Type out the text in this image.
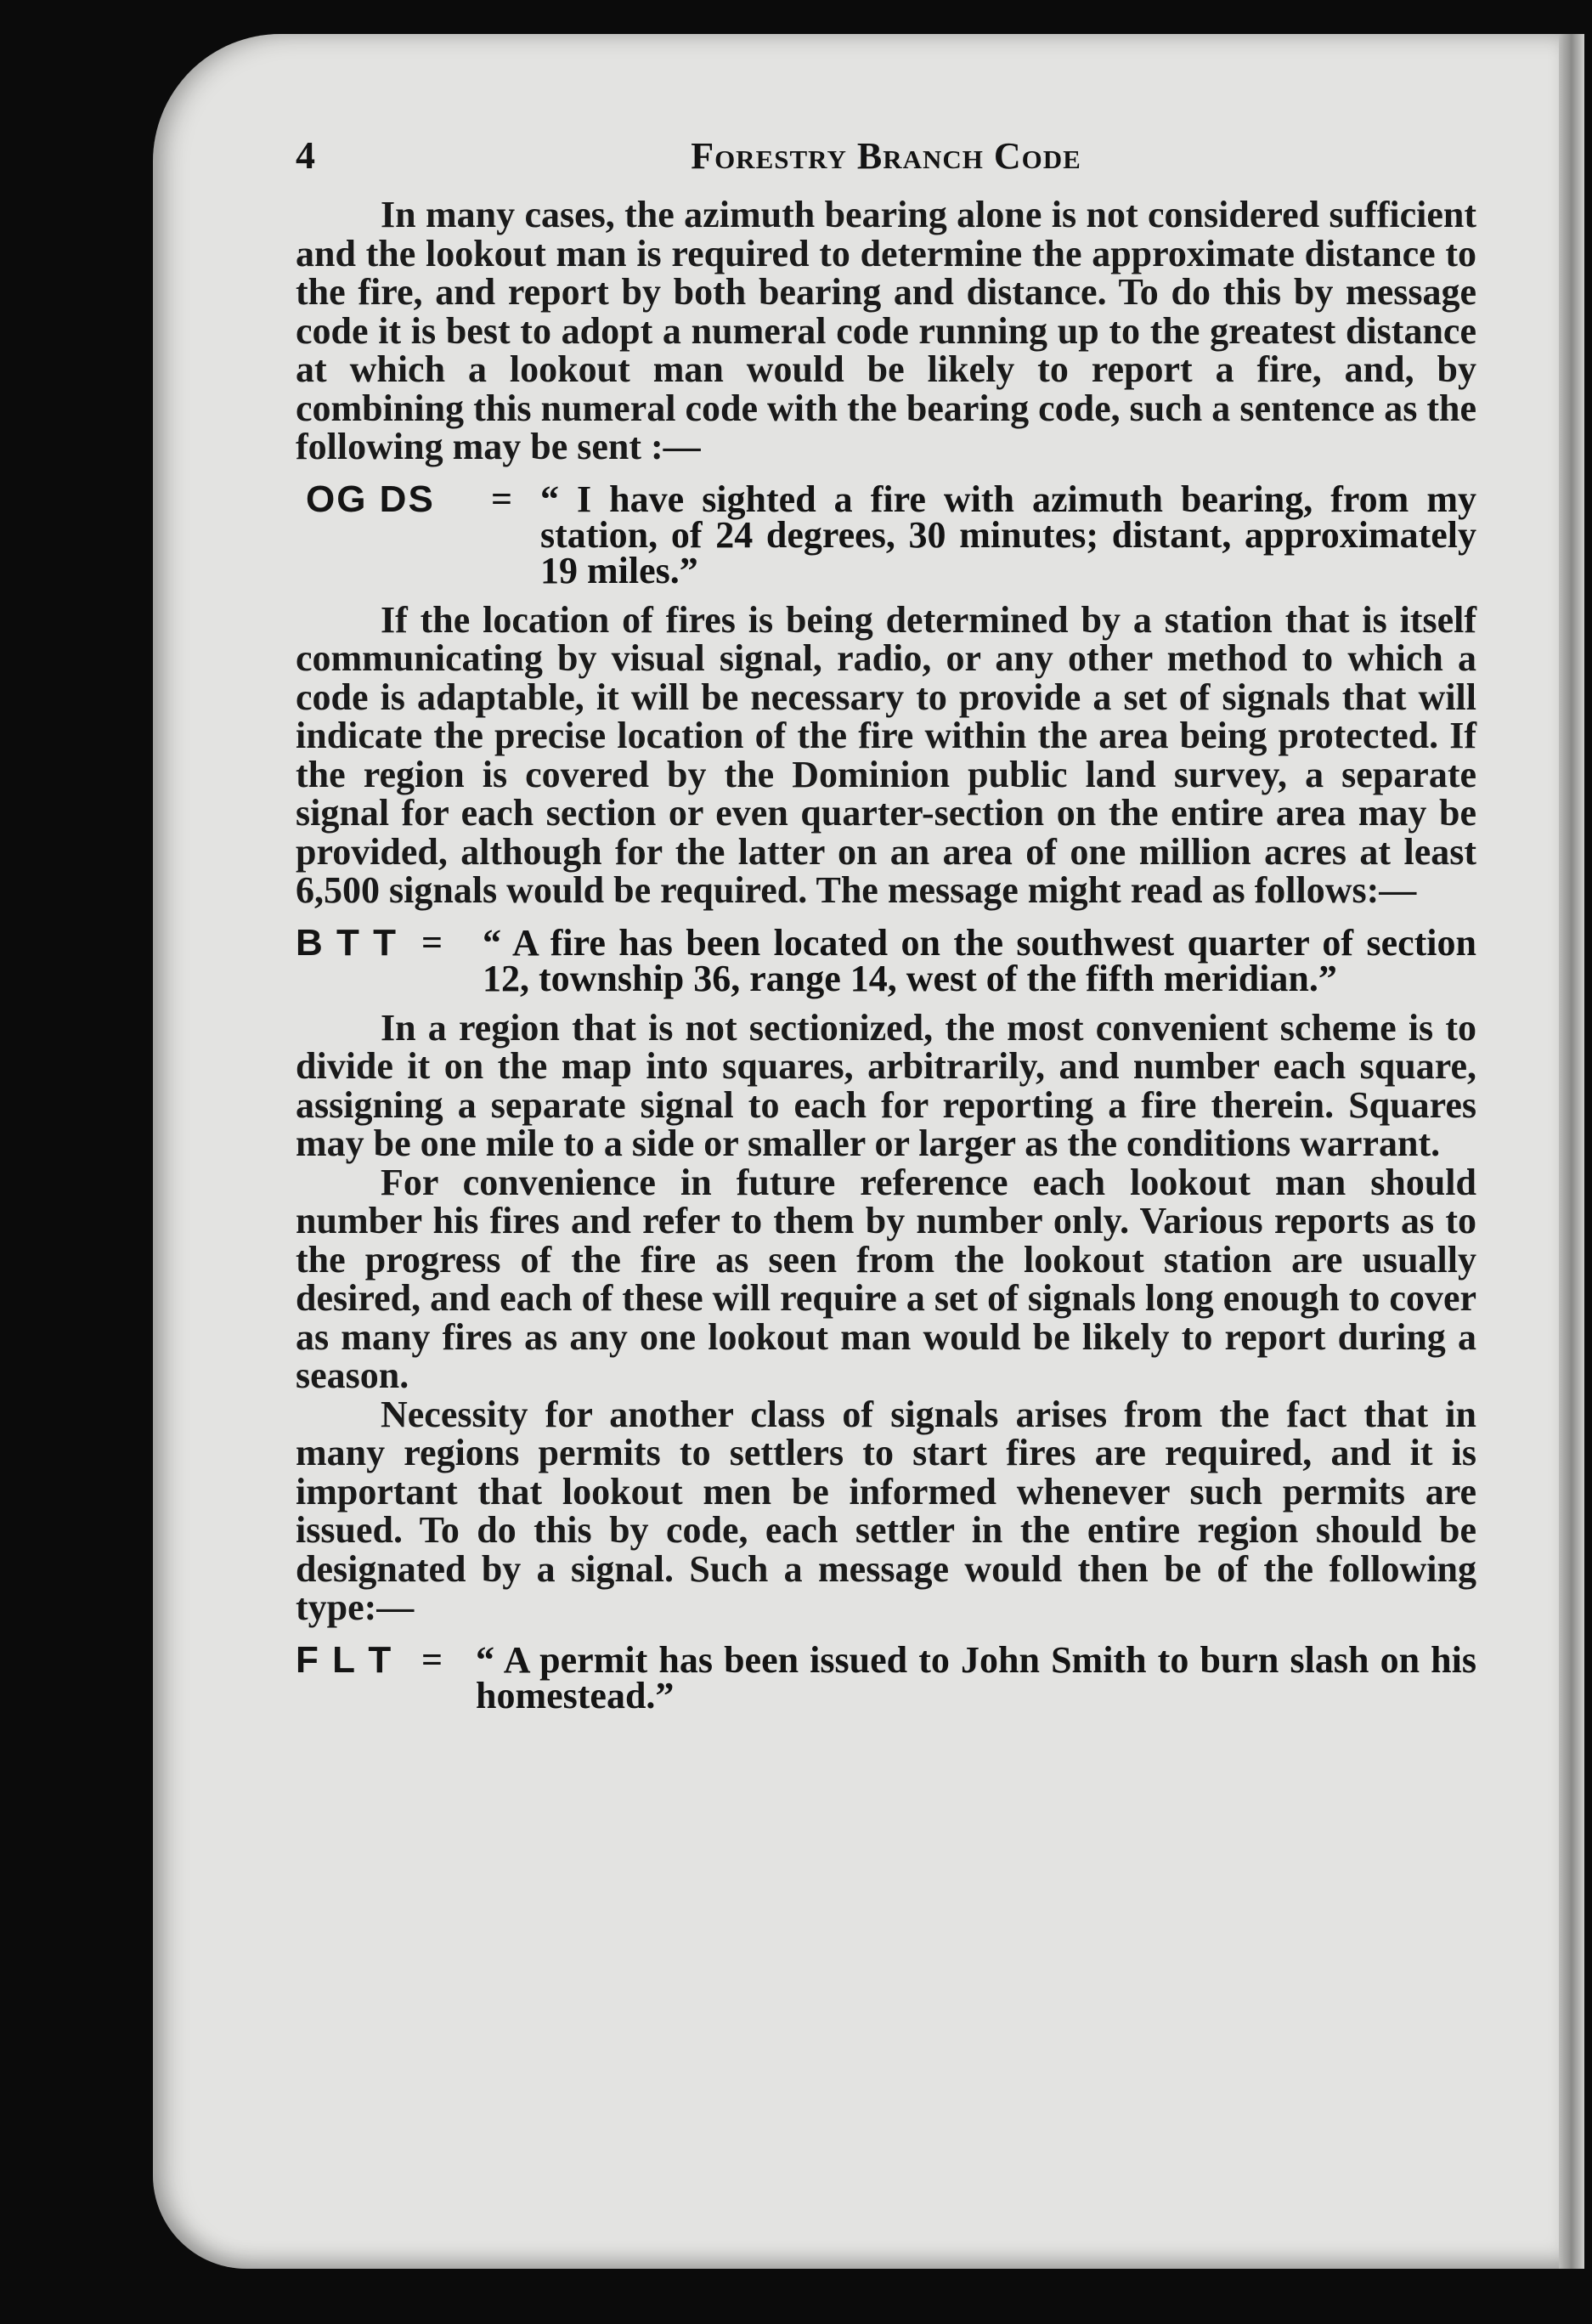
4	Forestry Branch Code

In many cases, the azimuth bearing alone is not considered sufficient and the lookout man is required to determine the approximate distance to the fire, and report by both bearing and distance. To do this by message code it is best to adopt a numeral code running up to the greatest distance at which a lookout man would be likely to report a fire, and, by combining this numeral code with the bearing code, such a sentence as the following may be sent :—

OG DS = “ I have sighted a fire with azimuth bearing, from my station, of 24 degrees, 30 minutes; distant, approximately 19 miles.”

If the location of fires is being determined by a station that is itself communicating by visual signal, radio, or any other method to which a code is adaptable, it will be necessary to provide a set of signals that will indicate the precise location of the fire within the area being protected. If the region is covered by the Dominion public land survey, a separate signal for each section or even quarter-section on the entire area may be provided, although for the latter on an area of one million acres at least 6,500 signals would be required. The message might read as follows:—

B T T = “ A fire has been located on the southwest quarter of section 12, township 36, range 14, west of the fifth meridian.”

In a region that is not sectionized, the most convenient scheme is to divide it on the map into squares, arbitrarily, and number each square, assigning a separate signal to each for reporting a fire therein. Squares may be one mile to a side or smaller or larger as the conditions warrant.

For convenience in future reference each lookout man should number his fires and refer to them by number only. Various reports as to the progress of the fire as seen from the lookout station are usually desired, and each of these will require a set of signals long enough to cover as many fires as any one lookout man would be likely to report during a season.

Necessity for another class of signals arises from the fact that in many regions permits to settlers to start fires are required, and it is important that lookout men be informed whenever such permits are issued. To do this by code, each settler in the entire region should be designated by a signal. Such a message would then be of the following type:—

F L T = “ A permit has been issued to John Smith to burn slash on his homestead.”
